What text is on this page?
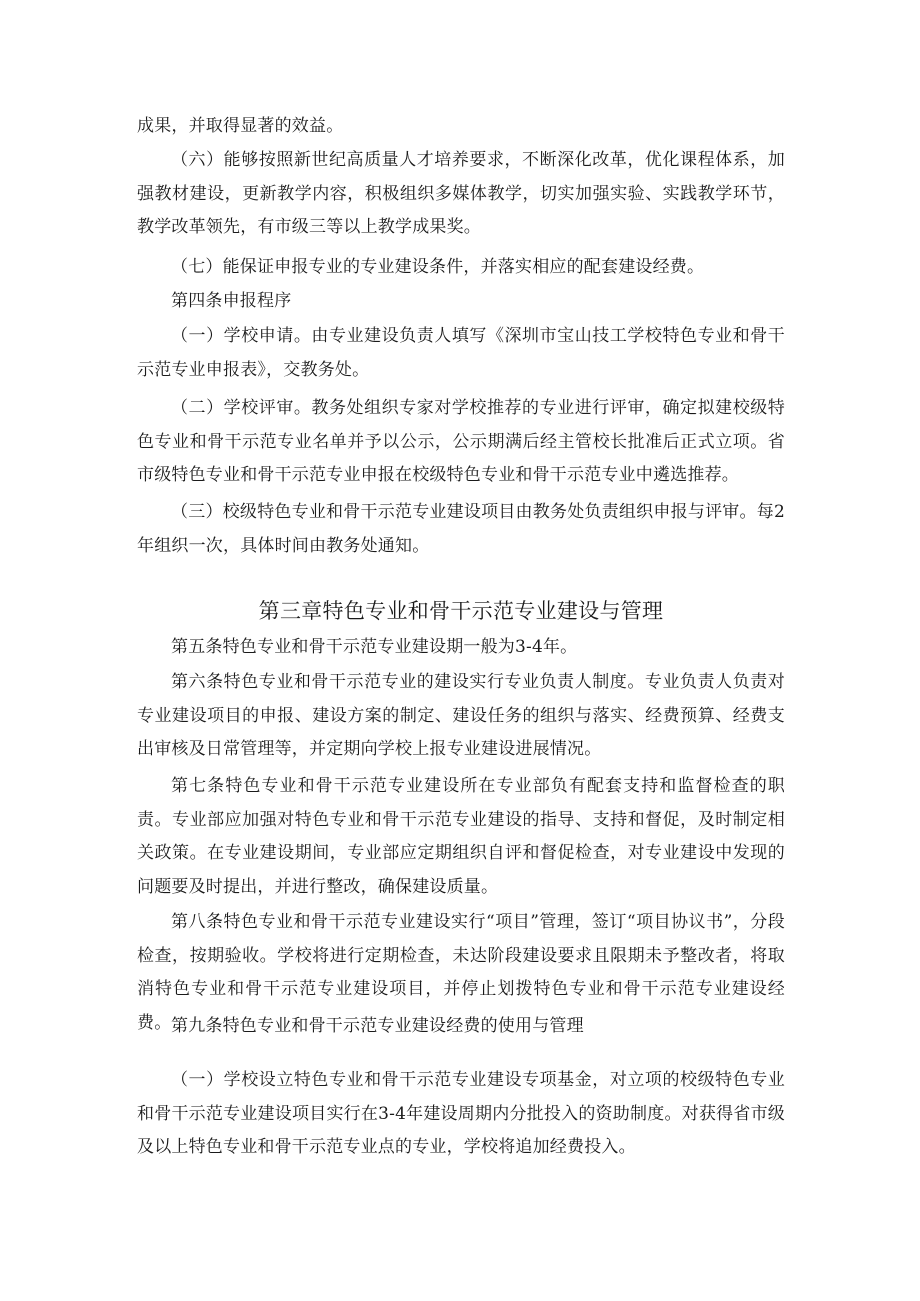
成果，并取得显著的效益。

（六）能够按照新世纪高质量人才培养要求，不断深化改革，优化课程体系，加强教材建设，更新教学内容，积极组织多媒体教学，切实加强实验、实践教学环节，教学改革领先，有市级三等以上教学成果奖。

（七）能保证申报专业的专业建设条件，并落实相应的配套建设经费。

第四条申报程序

（一）学校申请。由专业建设负责人填写《深圳市宝山技工学校特色专业和骨干示范专业申报表》，交教务处。

（二）学校评审。教务处组织专家对学校推荐的专业进行评审，确定拟建校级特色专业和骨干示范专业名单并予以公示，公示期满后经主管校长批准后正式立项。省市级特色专业和骨干示范专业申报在校级特色专业和骨干示范专业中遴选推荐。

（三）校级特色专业和骨干示范专业建设项目由教务处负责组织申报与评审。每2年组织一次，具体时间由教务处通知。

第三章特色专业和骨干示范专业建设与管理

第五条特色专业和骨干示范专业建设期一般为3-4年。

第六条特色专业和骨干示范专业的建设实行专业负责人制度。专业负责人负责对专业建设项目的申报、建设方案的制定、建设任务的组织与落实、经费预算、经费支出审核及日常管理等，并定期向学校上报专业建设进展情况。

第七条特色专业和骨干示范专业建设所在专业部负有配套支持和监督检查的职责。专业部应加强对特色专业和骨干示范专业建设的指导、支持和督促，及时制定相关政策。在专业建设期间，专业部应定期组织自评和督促检查，对专业建设中发现的问题要及时提出，并进行整改，确保建设质量。

第八条特色专业和骨干示范专业建设实行“项目”管理，签订“项目协议书”，分段检查，按期验收。学校将进行定期检查，未达阶段建设要求且限期未予整改者，将取消特色专业和骨干示范专业建设项目，并停止划拨特色专业和骨干示范专业建设经费。 第九条特色专业和骨干示范专业建设经费的使用与管理

（一）学校设立特色专业和骨干示范专业建设专项基金，对立项的校级特色专业和骨干示范专业建设项目实行在3-4年建设周期内分批投入的资助制度。对获得省市级及以上特色专业和骨干示范专业点的专业，学校将追加经费投入。
